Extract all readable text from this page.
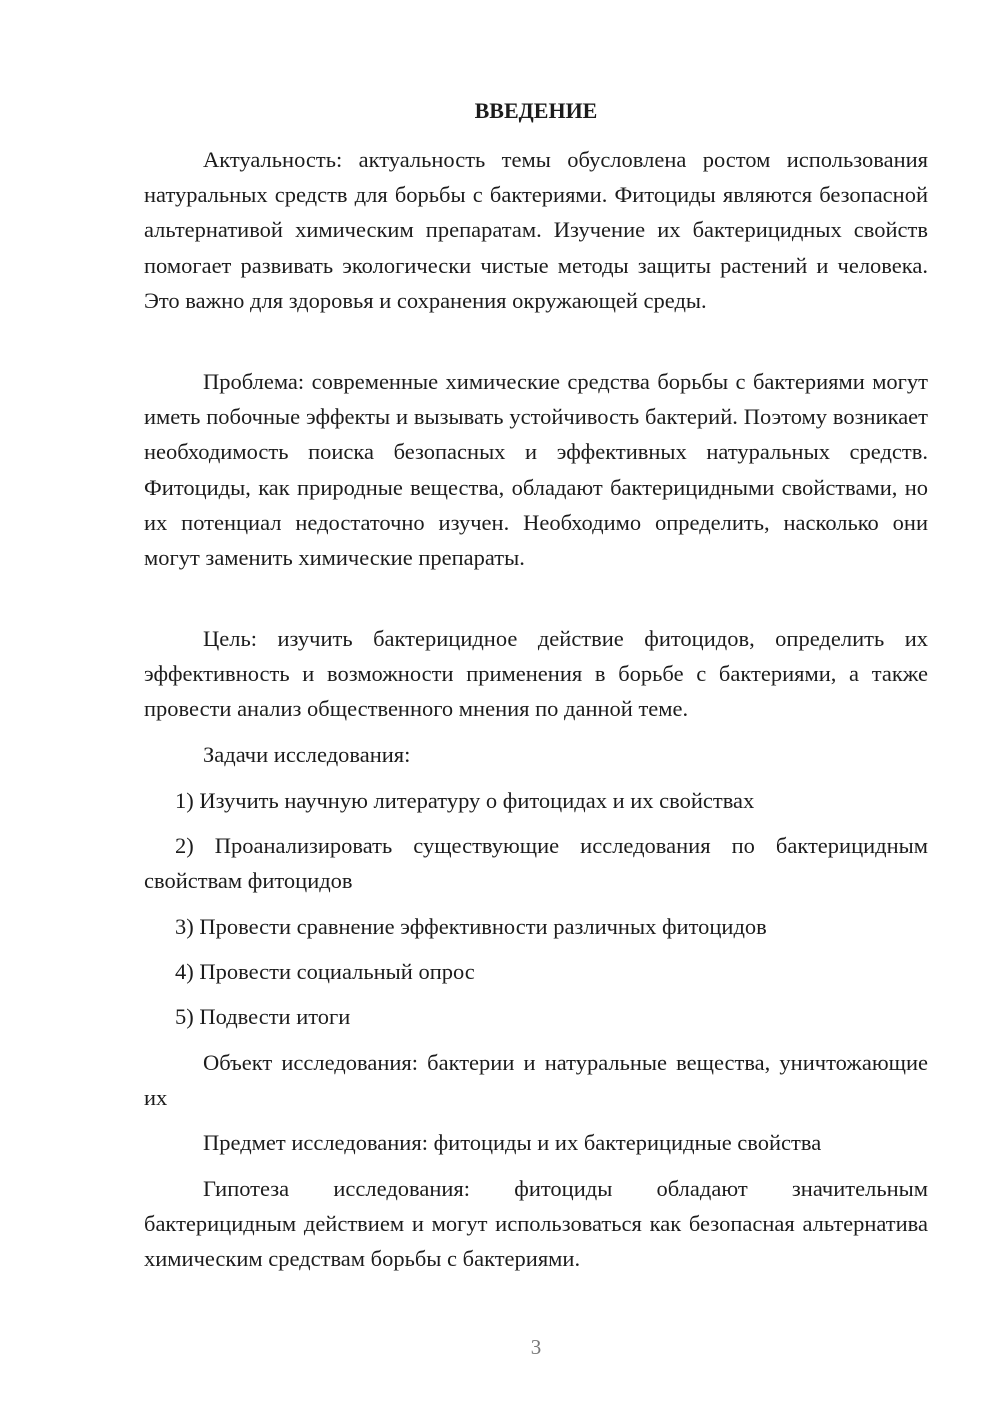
ВВЕДЕНИЕ
Актуальность: актуальность темы обусловлена ростом использования натуральных средств для борьбы с бактериями. Фитоциды являются безопасной альтернативой химическим препаратам. Изучение их бактерицидных свойств помогает развивать экологически чистые методы защиты растений и человека. Это важно для здоровья и сохранения окружающей среды.
Проблема: современные химические средства борьбы с бактериями могут иметь побочные эффекты и вызывать устойчивость бактерий. Поэтому возникает необходимость поиска безопасных и эффективных натуральных средств. Фитоциды, как природные вещества, обладают бактерицидными свойствами, но их потенциал недостаточно изучен. Необходимо определить, насколько они могут заменить химические препараты.
Цель: изучить бактерицидное действие фитоцидов, определить их эффективность и возможности применения в борьбе с бактериями, а также провести анализ общественного мнения по данной теме.
Задачи исследования:
1) Изучить научную литературу о фитоцидах и их свойствах
2) Проанализировать существующие исследования по бактерицидным свойствам фитоцидов
3) Провести сравнение эффективности различных фитоцидов
4) Провести социальный опрос
5) Подвести итоги
Объект исследования: бактерии и натуральные вещества, уничтожающие их
Предмет исследования: фитоциды и их бактерицидные свойства
Гипотеза исследования: фитоциды обладают значительным бактерицидным действием и могут использоваться как безопасная альтернатива химическим средствам борьбы с бактериями.
3
